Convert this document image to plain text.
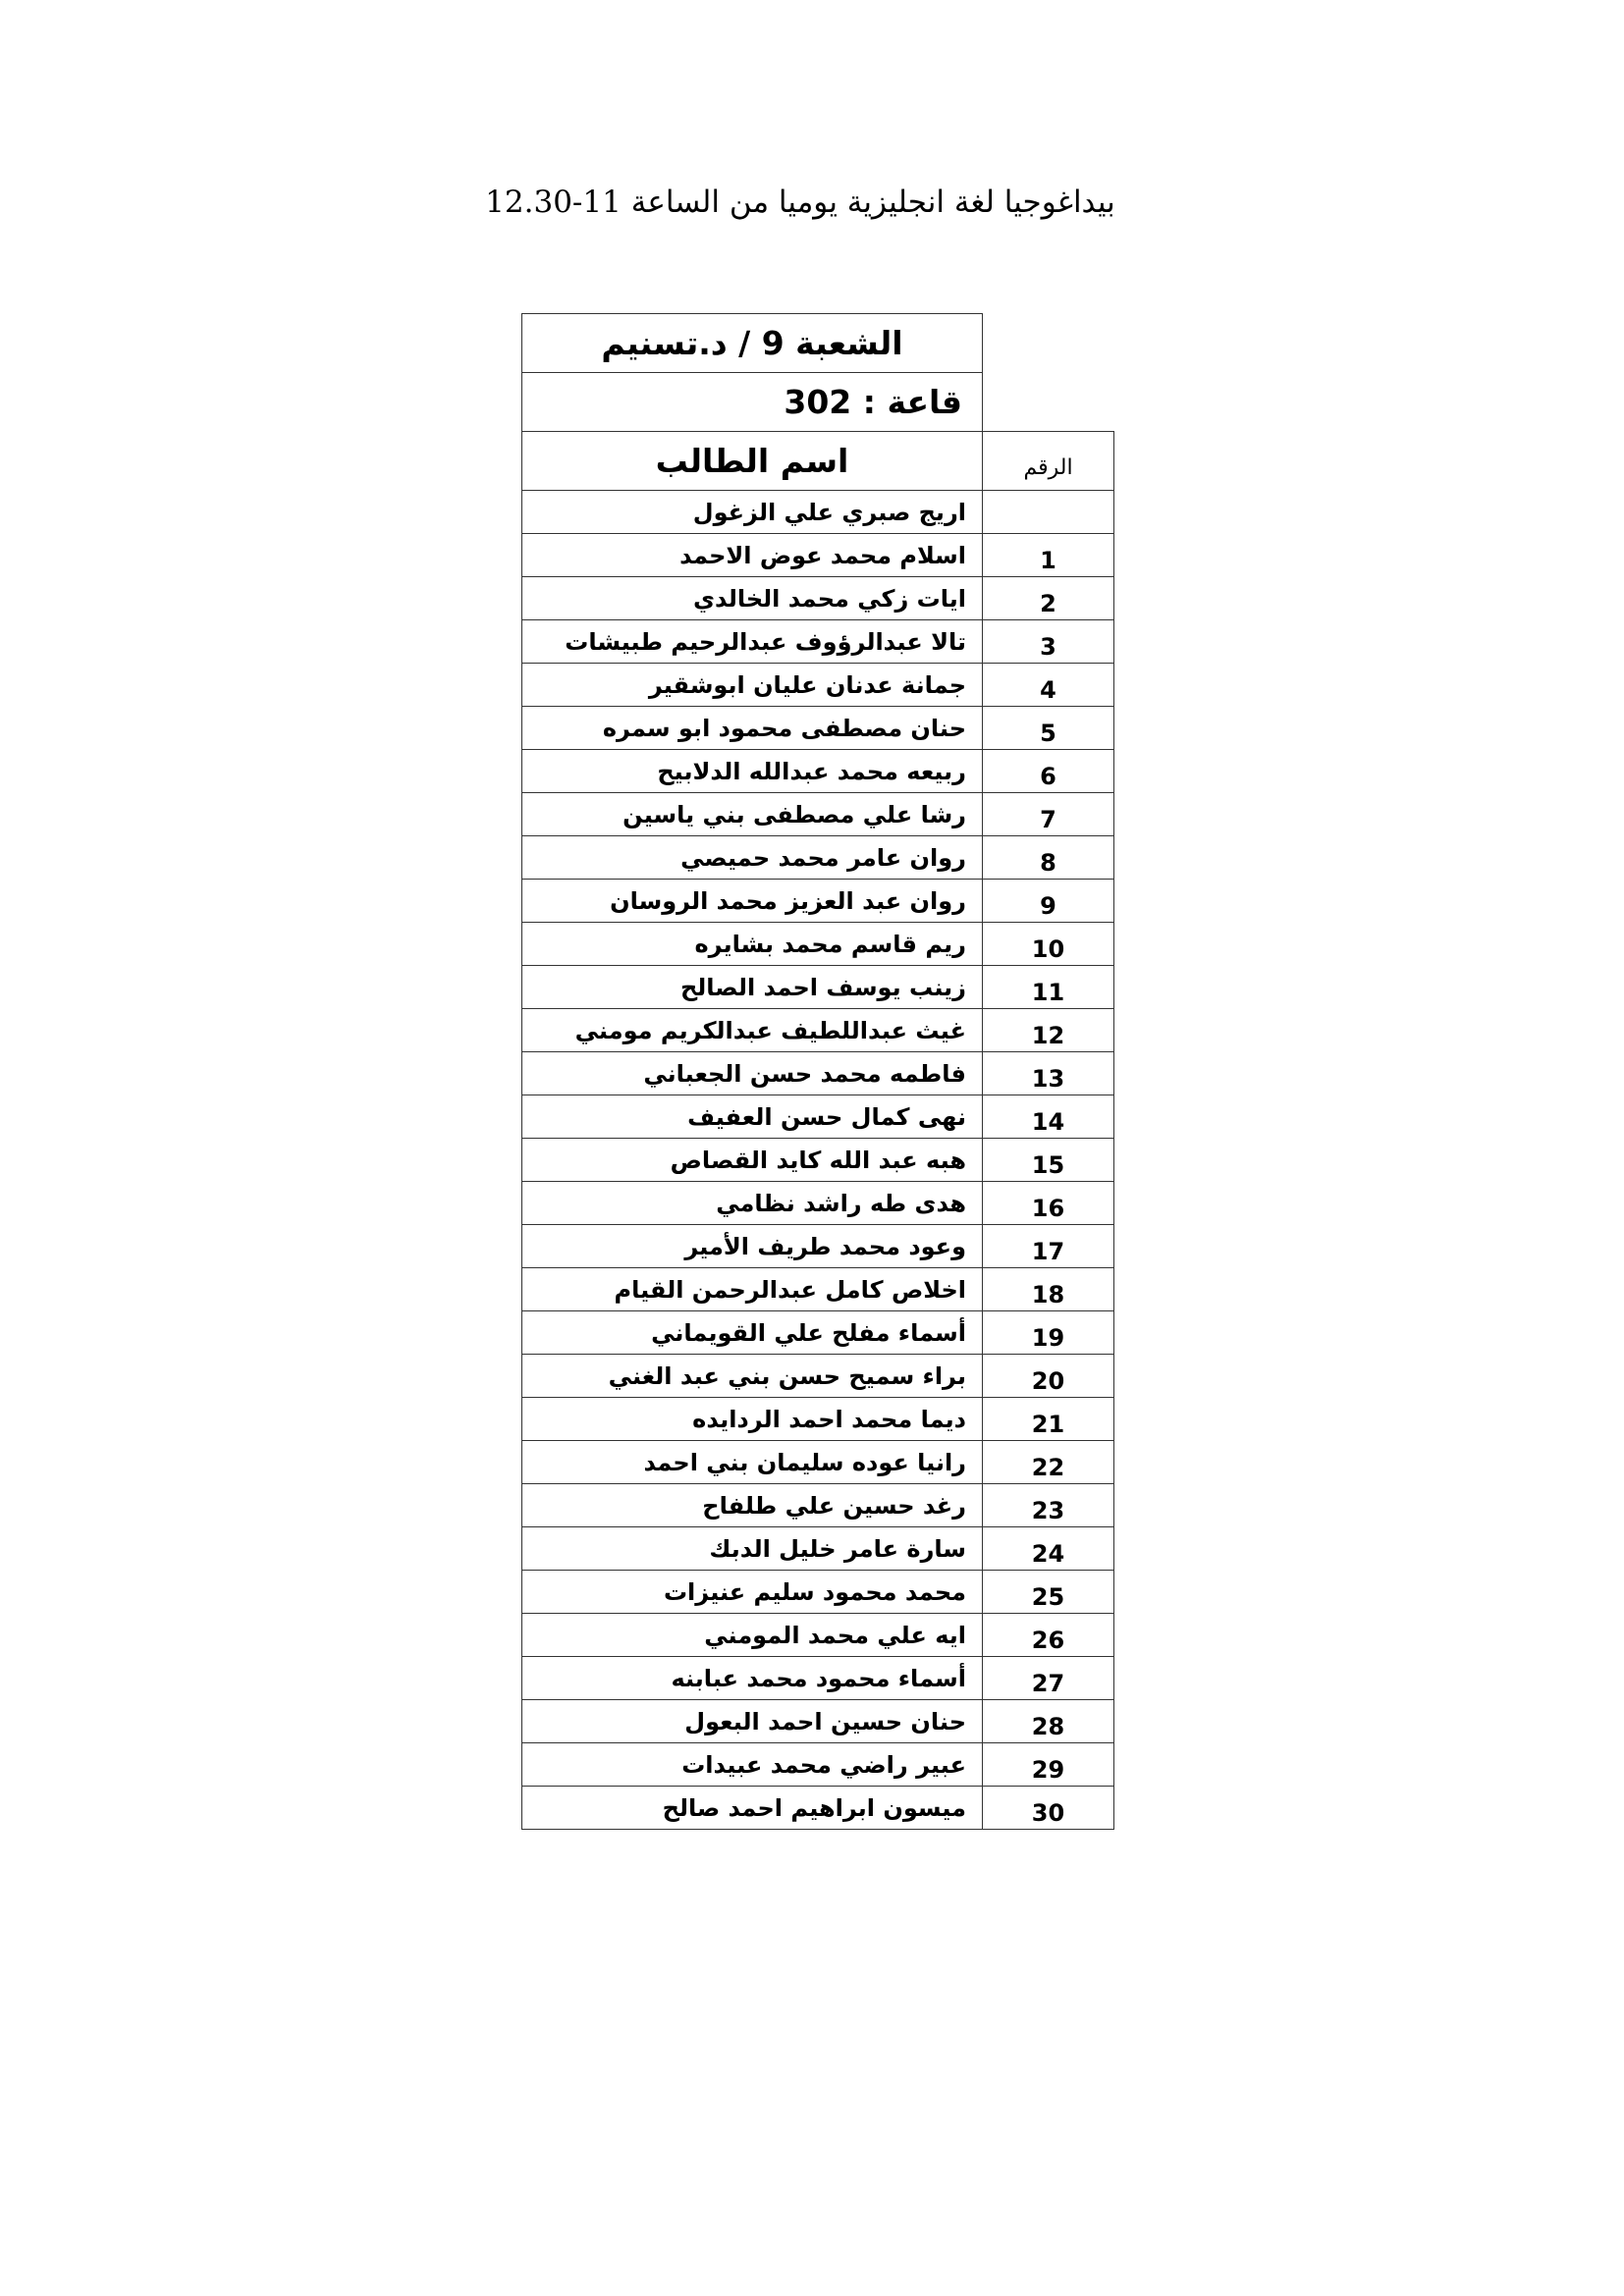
بيداغوجيا لغة انجليزية يوميا من الساعة 11-12.30
الشعبة 9 / د.تسنيم	
قاعة : 302	
اسم الطالب	الرقم
اريج صبري علي الزغول	
اسلام محمد عوض الاحمد	1
ايات زكي محمد الخالدي	2
تالا عبدالرؤوف عبدالرحيم طبيشات	3
جمانة عدنان عليان ابوشقير	4
حنان مصطفى محمود ابو سمره	5
ربيعه محمد عبدالله الدلابيح	6
رشا علي مصطفى بني ياسين	7
روان عامر محمد حميصي	8
روان عبد العزيز محمد الروسان	9
ريم قاسم محمد بشايره	10
زينب يوسف احمد الصالح	11
غيث عبداللطيف عبدالكريم مومني	12
فاطمه محمد حسن الجعباني	13
نهى كمال حسن العفيف	14
هبه عبد الله كايد القصاص	15
هدى طه راشد نظامي	16
وعود محمد طريف الأمير	17
اخلاص كامل عبدالرحمن القيام	18
أسماء مفلح علي القويماني	19
براء سميح حسن بني عبد الغني	20
ديما محمد احمد الردايده	21
رانيا عوده سليمان بني احمد	22
رغد حسين علي طلفاح	23
سارة عامر خليل الدبك	24
محمد محمود سليم عنيزات	25
ايه علي محمد المومني	26
أسماء محمود محمد عبابنه	27
حنان حسين احمد البعول	28
عبير راضي محمد عبيدات	29
ميسون ابراهيم احمد صالح	30
